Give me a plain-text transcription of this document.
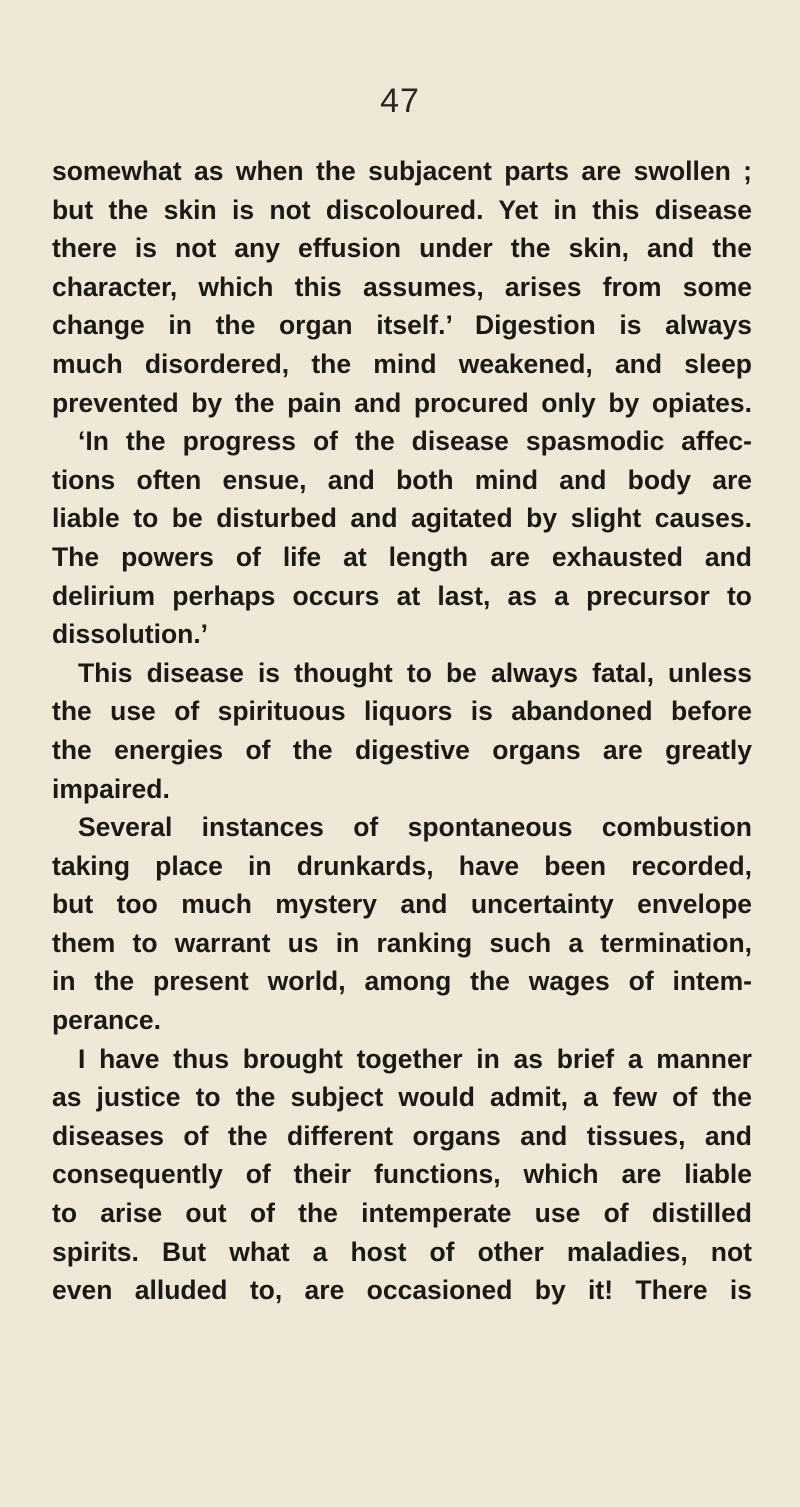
47
somewhat as when the subjacent parts are swollen ;
but the skin is not discoloured. Yet in this disease
there is not any effusion under the skin, and the
character, which this assumes, arises from some
change in the organ itself.’ Digestion is always
much disordered, the mind weakened, and sleep
prevented by the pain and procured only by opiates.
‘In the progress of the disease spasmodic affec-
tions often ensue, and both mind and body are
liable to be disturbed and agitated by slight causes.
The powers of life at length are exhausted and
delirium perhaps occurs at last, as a precursor to
dissolution.’
This disease is thought to be always fatal, unless
the use of spirituous liquors is abandoned before
the energies of the digestive organs are greatly
impaired.
Several instances of spontaneous combustion
taking place in drunkards, have been recorded,
but too much mystery and uncertainty envelope
them to warrant us in ranking such a termination,
in the present world, among the wages of intem-
perance.
I have thus brought together in as brief a manner
as justice to the subject would admit, a few of the
diseases of the different organs and tissues, and
consequently of their functions, which are liable
to arise out of the intemperate use of distilled
spirits. But what a host of other maladies, not
even alluded to, are occasioned by it! There is
